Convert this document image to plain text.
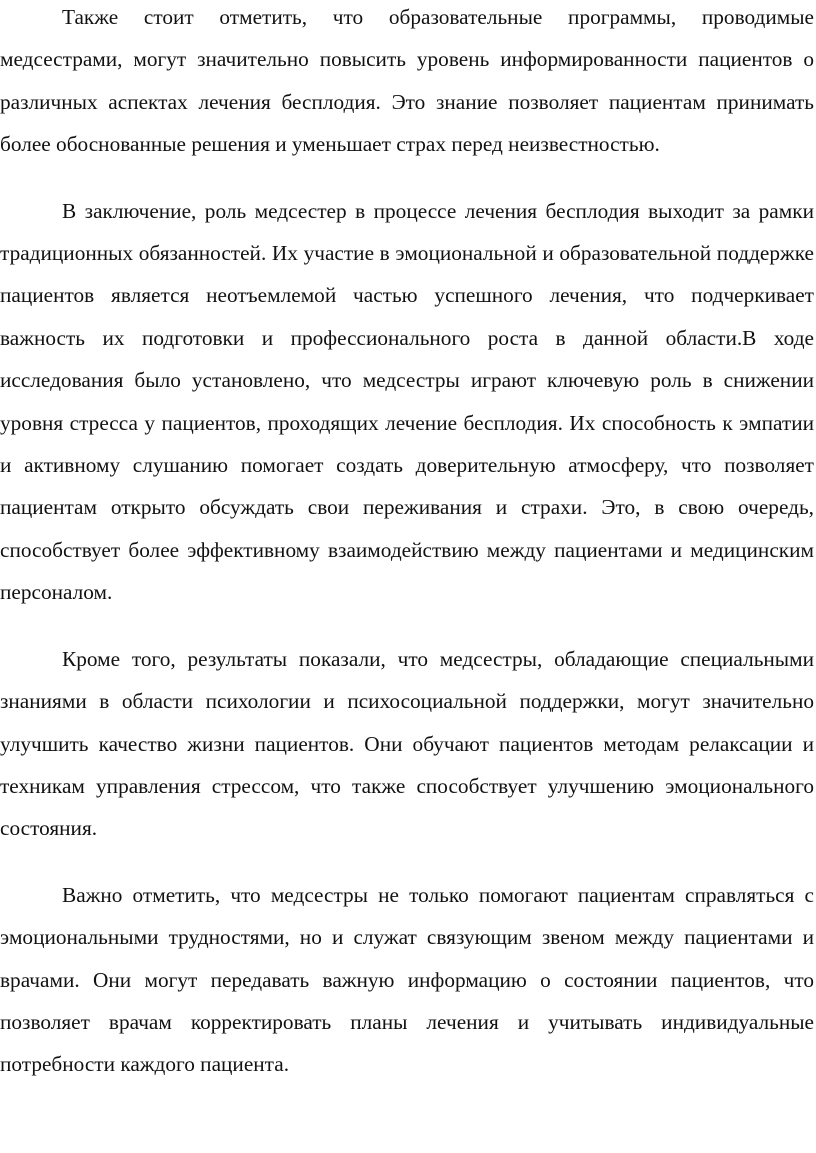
Также стоит отметить, что образовательные программы, проводимые медсестрами, могут значительно повысить уровень информированности пациентов о различных аспектах лечения бесплодия. Это знание позволяет пациентам принимать более обоснованные решения и уменьшает страх перед неизвестностью.

В заключение, роль медсестер в процессе лечения бесплодия выходит за рамки традиционных обязанностей. Их участие в эмоциональной и образовательной поддержке пациентов является неотъемлемой частью успешного лечения, что подчеркивает важность их подготовки и профессионального роста в данной области.В ходе исследования было установлено, что медсестры играют ключевую роль в снижении уровня стресса у пациентов, проходящих лечение бесплодия. Их способность к эмпатии и активному слушанию помогает создать доверительную атмосферу, что позволяет пациентам открыто обсуждать свои переживания и страхи. Это, в свою очередь, способствует более эффективному взаимодействию между пациентами и медицинским персоналом.

Кроме того, результаты показали, что медсестры, обладающие специальными знаниями в области психологии и психосоциальной поддержки, могут значительно улучшить качество жизни пациентов. Они обучают пациентов методам релаксации и техникам управления стрессом, что также способствует улучшению эмоционального состояния.

Важно отметить, что медсестры не только помогают пациентам справляться с эмоциональными трудностями, но и служат связующим звеном между пациентами и врачами. Они могут передавать важную информацию о состоянии пациентов, что позволяет врачам корректировать планы лечения и учитывать индивидуальные потребности каждого пациента.
